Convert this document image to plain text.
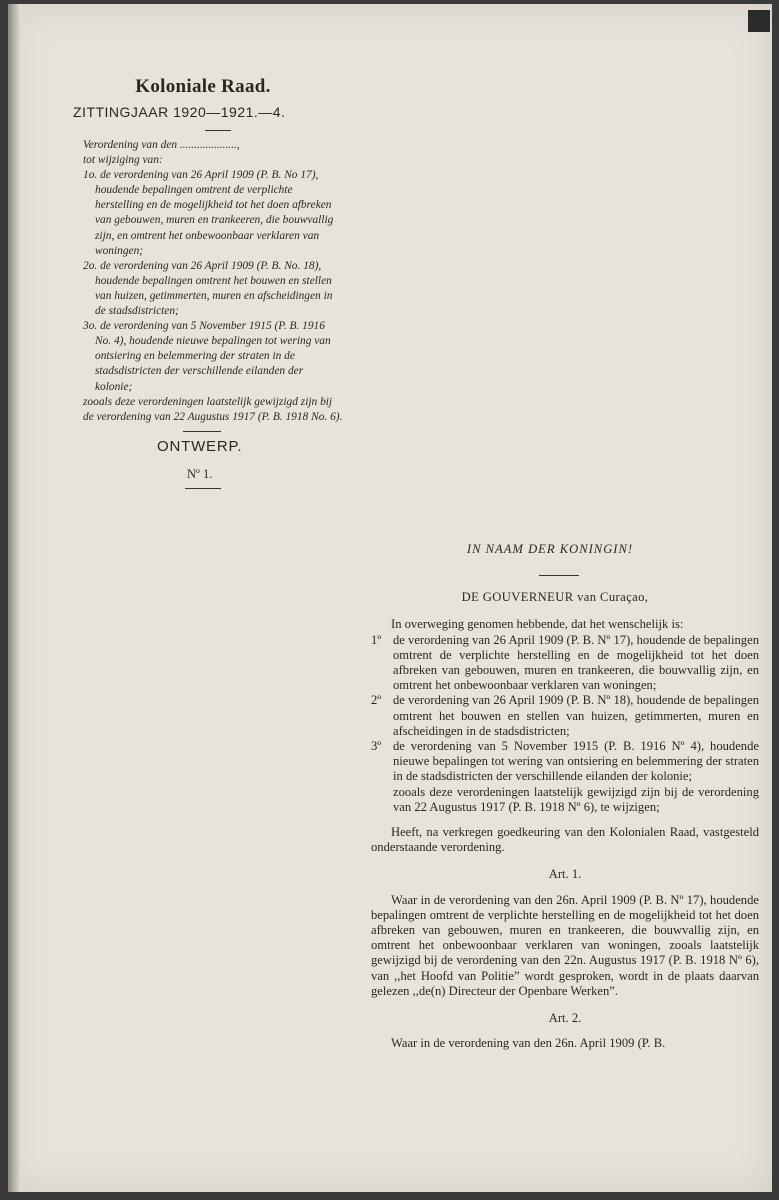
Koloniale Raad.
ZITTINGJAAR 1920—1921.—4.

Verordening van den ....................,

tot wijziging van:

1o. de verordening van 26 April 1909 (P. B. No 17), houdende bepalingen omtrent de verplichte herstelling en de mogelijkheid tot het doen afbreken van gebouwen, muren en trankeeren, die bouwvallig zijn, en omtrent het onbewoonbaar verklaren van woningen;

2o. de verordening van 26 April 1909 (P. B. No. 18), houdende bepalingen omtrent het bouwen en stellen van huizen, getimmerten, muren en afscheidingen in de stadsdistricten;

3o. de verordening van 5 November 1915 (P. B. 1916 No. 4), houdende nieuwe bepalingen tot wering van ontsiering en belemmering der straten in de stadsdistricten der verschillende eilanden der kolonie;

zooals deze verordeningen laatstelijk gewijzigd zijn bij de verordening van 22 Augustus 1917 (P. B. 1918 No. 6).

ONTWERP.
Nº 1.
IN NAAM DER KONINGIN!
DE GOUVERNEUR van Curaçao,

In overweging genomen hebbende, dat het wenschelijk is:

1º de verordening van 26 April 1909 (P. B. Nº 17), houdende de bepalingen omtrent de verplichte herstelling en de mogelijkheid tot het doen afbreken van gebouwen, muren en trankeeren, die bouwvallig zijn, en omtrent het onbewoonbaar verklaren van woningen;
2º de verordening van 26 April 1909 (P. B. Nº 18), houdende de bepalingen omtrent het bouwen en stellen van huizen, getimmerten, muren en afscheidingen in de stadsdistricten;
3º de verordening van 5 November 1915 (P. B. 1916 Nº 4), houdende nieuwe bepalingen tot wering van ontsiering en belemmering der straten in de stadsdistricten der verschillende eilanden der kolonie;
zooals deze verordeningen laatstelijk gewijzigd zijn bij de verordening van 22 Augustus 1917 (P. B. 1918 Nº 6), te wijzigen;

Heeft, na verkregen goedkeuring van den Kolonialen Raad, vastgesteld onderstaande verordening.

Art. 1.

Waar in de verordening van den 26n. April 1909 (P. B. Nº 17), houdende bepalingen omtrent de verplichte herstelling en de mogelijkheid tot het doen afbreken van gebouwen, muren en trankeeren, die bouwvallig zijn, en omtrent het onbewoonbaar verklaren van woningen, zooals laatstelijk gewijzigd bij de verordening van den 22n. Augustus 1917 (P. B. 1918 Nº 6), van ,,het Hoofd van Politie” wordt gesproken, wordt in de plaats daarvan gelezen ,,de(n) Directeur der Openbare Werken”.

Art. 2.

Waar in de verordening van den 26n. April 1909 (P. B.
